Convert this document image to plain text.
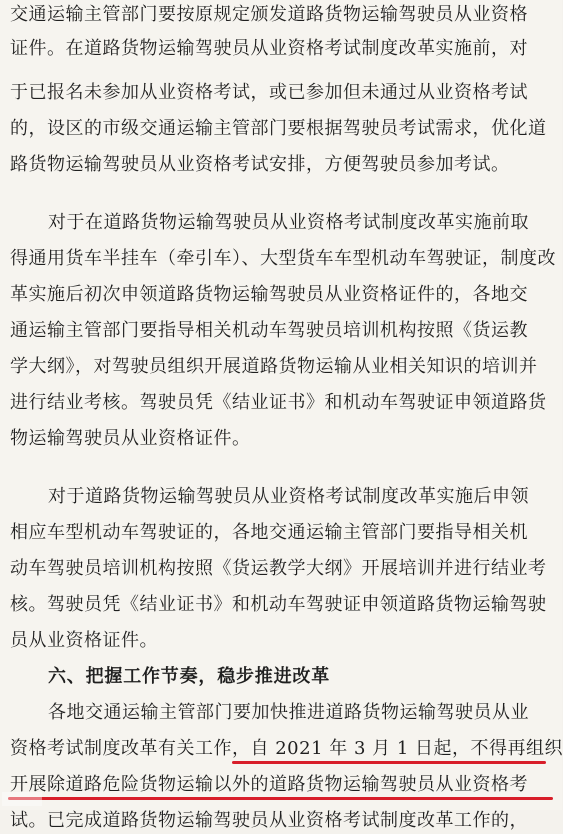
交通运输主管部门要按原规定颁发道路货物运输驾驶员从业资格
证件。在道路货物运输驾驶员从业资格考试制度改革实施前，对
于已报名未参加从业资格考试，或已参加但未通过从业资格考试
的，设区的市级交通运输主管部门要根据驾驶员考试需求，优化道
路货物运输驾驶员从业资格考试安排，方便驾驶员参加考试。
对于在道路货物运输驾驶员从业资格考试制度改革实施前取
得通用货车半挂车（牵引车）、大型货车车型机动车驾驶证，制度改
革实施后初次申领道路货物运输驾驶员从业资格证件的，各地交
通运输主管部门要指导相关机动车驾驶员培训机构按照《货运教
学大纲》，对驾驶员组织开展道路货物运输从业相关知识的培训并
进行结业考核。驾驶员凭《结业证书》和机动车驾驶证申领道路货
物运输驾驶员从业资格证件。
对于道路货物运输驾驶员从业资格考试制度改革实施后申领
相应车型机动车驾驶证的，各地交通运输主管部门要指导相关机
动车驾驶员培训机构按照《货运教学大纲》开展培训并进行结业考
核。驾驶员凭《结业证书》和机动车驾驶证申领道路货物运输驾驶
员从业资格证件。
六、把握工作节奏，稳步推进改革
各地交通运输主管部门要加快推进道路货物运输驾驶员从业
资格考试制度改革有关工作，自 2021 年 3 月 1 日起，不得再组织
开展除道路危险货物运输以外的道路货物运输驾驶员从业资格考
试。已完成道路货物运输驾驶员从业资格考试制度改革工作的，
